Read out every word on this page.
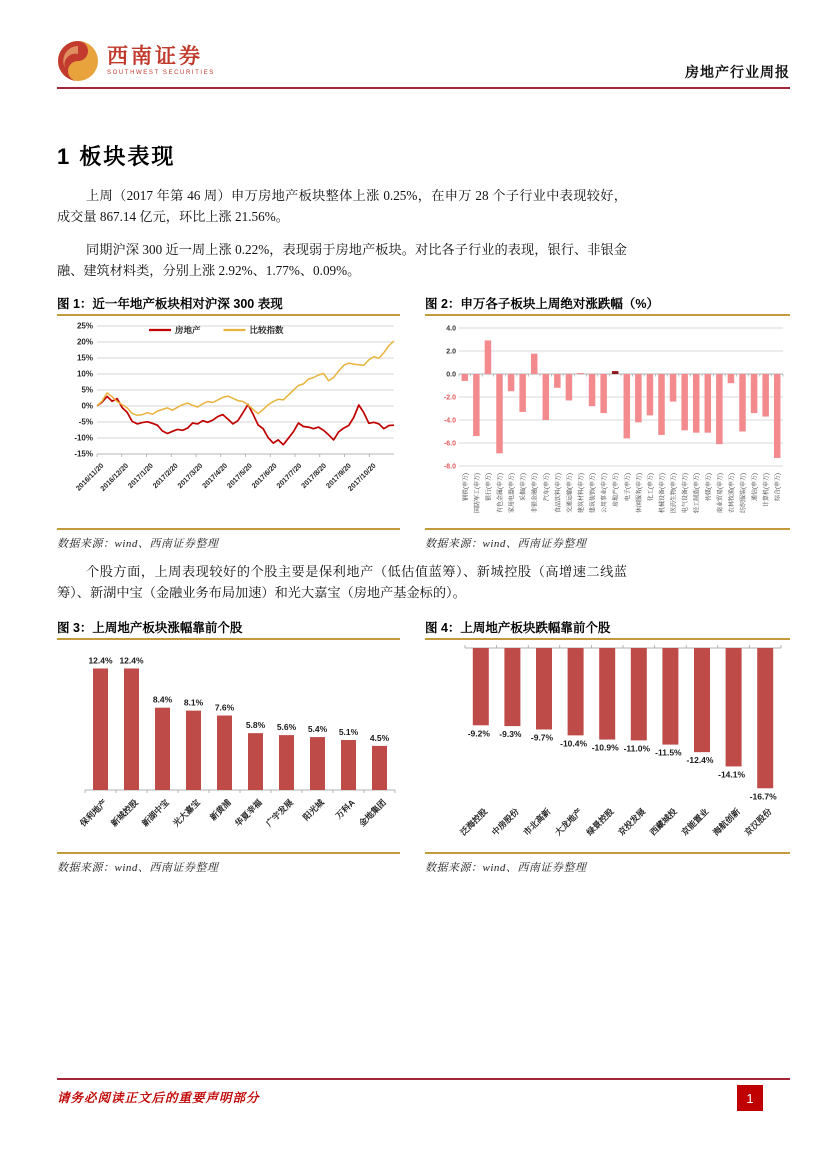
西南证券
SOUTHWEST SECURITIES	房地产行业周报
1 板块表现

上周（2017 年第 46 周）申万房地产板块整体上涨 0.25%，在申万 28 个子行业中表现较好，成交量 867.14 亿元，环比上涨 21.56%。

同期沪深 300 近一周上涨 0.22%，表现弱于房地产板块。对比各子行业的表现，银行、非银金融、建筑材料类，分别上涨 2.92%、1.77%、0.09%。

图 1：近一年地产板块相对沪深 300 表现
25%
20%
15%
10%
5%
0%
-5%
-10%
-15%
2016/11/20
2016/12/20
2017/1/20
2017/2/20
2017/3/20
2017/4/20
2017/5/20
2017/6/20
2017/7/20
2017/8/20
2017/9/20
2017/10/20
房地产	比较指数
数据来源：wind、西南证券整理
图 2：申万各子板块上周绝对涨跌幅（%）
4.0
2.0
0.0
-2.0
-4.0
-6.0
-8.0
钢铁(申万) 国防军工(申万) 银行(申万) 有色金属(申万) 家用电器(申万) 采掘(申万) 非银金融(申万) 汽车(申万) 食品饮料(申万) 交通运输(申万) 建筑材料(申万) 建筑装饰(申万) 公用事业(申万) 房地产(申万) 电子(申万) 休闲服务(申万) 化工(申万) 机械设备(申万) 医药生物(申万) 电气设备(申万) 轻工制造(申万) 传媒(申万) 商业贸易(申万) 农林牧渔(申万) 纺织服装(申万) 通信(申万) 计算机(申万) 综合(申万)
数据来源：wind、西南证券整理

个股方面，上周表现较好的个股主要是保利地产（低估值蓝筹）、新城控股（高增速二线蓝筹）、新湖中宝（金融业务布局加速）和光大嘉宝（房地产基金标的）。

图 3：上周地产板块涨幅靠前个股
12.4%
保利地产
12.4%
新城控股
8.4%
新湖中宝
8.1%
光大嘉宝
7.6%
新黄浦
5.8%
华夏幸福
5.6%
广宇发展
5.4%
阳光城
5.1%
万科A
4.5%
金地集团
数据来源：wind、西南证券整理
图 4：上周地产板块跌幅靠前个股
-9.2%
泛海控股
-9.3%
中房股份
-9.7%
市北高新
-10.4%
大龙地产
-10.9%
绿景控股
-11.0%
京投发展
-11.5%
西藏城投
-12.4%
京能置业
-14.1%
海航创新
-16.7%
京汉股份
数据来源：wind、西南证券整理
请务必阅读正文后的重要声明部分	1
